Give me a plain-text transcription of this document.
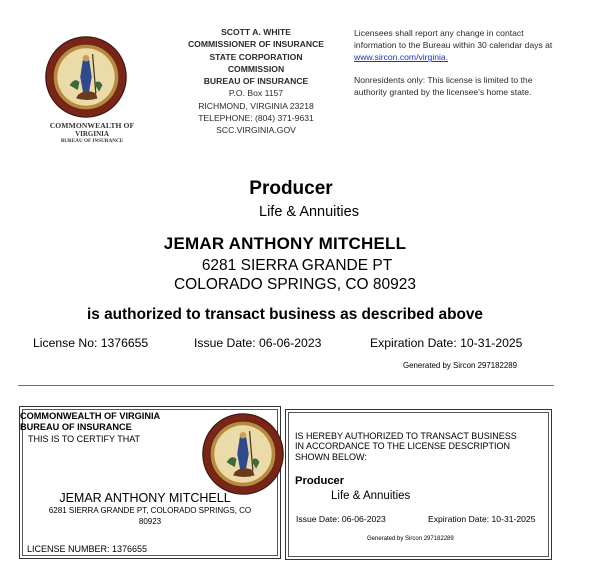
COMMONWEALTH OF
VIRGINIA
BUREAU OF INSURANCE
SCOTT A. WHITE
COMMISSIONER OF INSURANCE
STATE CORPORATION
COMMISSION
BUREAU OF INSURANCE
P.O. Box 1157
RICHMOND, VIRGINIA 23218
TELEPHONE: (804) 371-9631
SCC.VIRGINIA.GOV
Licensees shall report any change in contact
information to the Bureau within 30 calendar days at
www.sircon.com/virginia.
Nonresidents only: This license is limited to the
authority granted by the licensee's home state.
Producer
Life & Annuities
JEMAR ANTHONY MITCHELL
6281 SIERRA GRANDE PT
COLORADO SPRINGS, CO 80923
is authorized to transact business as described above
License No: 1376655	Issue Date: 06-06-2023	Expiration Date: 10-31-2025
Generated by Sircon 297182289
COMMONWEALTH OF VIRGINIA
BUREAU OF INSURANCE
THIS IS TO CERTIFY THAT
JEMAR ANTHONY MITCHELL
6281 SIERRA GRANDE PT, COLORADO SPRINGS, CO
80923
LICENSE NUMBER: 1376655
IS HEREBY AUTHORIZED TO TRANSACT BUSINESS
IN ACCORDANCE TO THE LICENSE DESCRIPTION
SHOWN BELOW:
Producer
Life & Annuities
Issue Date: 06-06-2023	Expiration Date: 10-31-2025
Generated by Sircon 297182289
